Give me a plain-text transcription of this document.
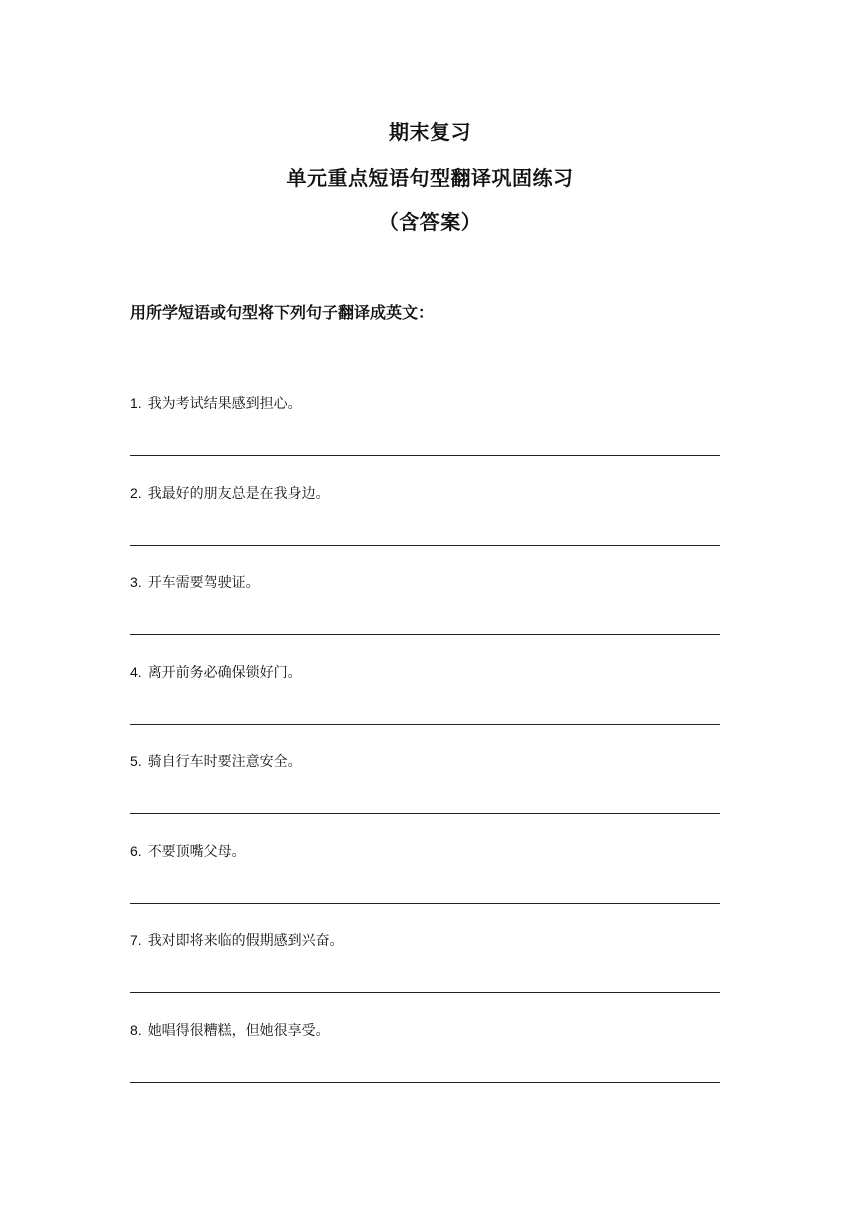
期末复习
单元重点短语句型翻译巩固练习
（含答案）
用所学短语或句型将下列句子翻译成英文：
1. 我为考试结果感到担心。
2. 我最好的朋友总是在我身边。
3. 开车需要驾驶证。
4. 离开前务必确保锁好门。
5. 骑自行车时要注意安全。
6. 不要顶嘴父母。
7. 我对即将来临的假期感到兴奋。
8. 她唱得很糟糕，但她很享受。
